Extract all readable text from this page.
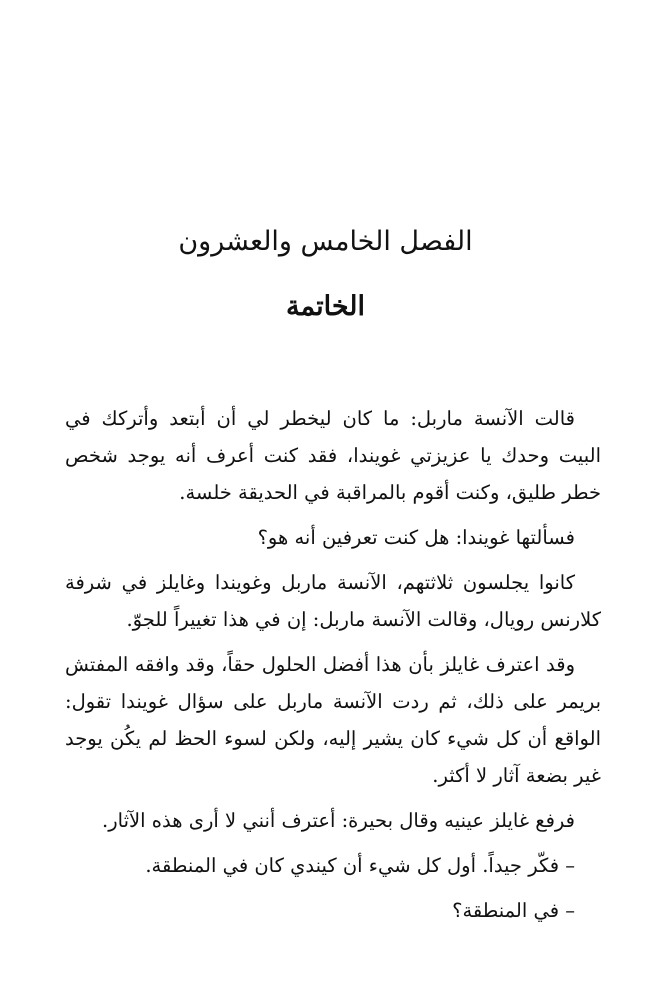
الفصل الخامس والعشرون
الخاتمة

قالت الآنسة ماربل: ما كان ليخطر لي أن أبتعد وأتركك في البيت وحدك يا عزيزتي غويندا، فقد كنت أعرف أنه يوجد شخص خطر طليق، وكنت أقوم بالمراقبة في الحديقة خلسة.

فسألتها غويندا: هل كنت تعرفين أنه هو؟

كانوا يجلسون ثلاثتهم، الآنسة ماربل وغويندا وغايلز في شرفة كلارنس رويال، وقالت الآنسة ماربل: إن في هذا تغييراً للجوّ.

وقد اعترف غايلز بأن هذا أفضل الحلول حقاً، وقد وافقه المفتش بريمر على ذلك، ثم ردت الآنسة ماربل على سؤال غويندا تقول: الواقع أن كل شيء كان يشير إليه، ولكن لسوء الحظ لم يكُن يوجد غير بضعة آثار لا أكثر.

فرفع غايلز عينيه وقال بحيرة: أعترف أنني لا أرى هذه الآثار.

– فكّر جيداً. أول كل شيء أن كيندي كان في المنطقة.

– في المنطقة؟
